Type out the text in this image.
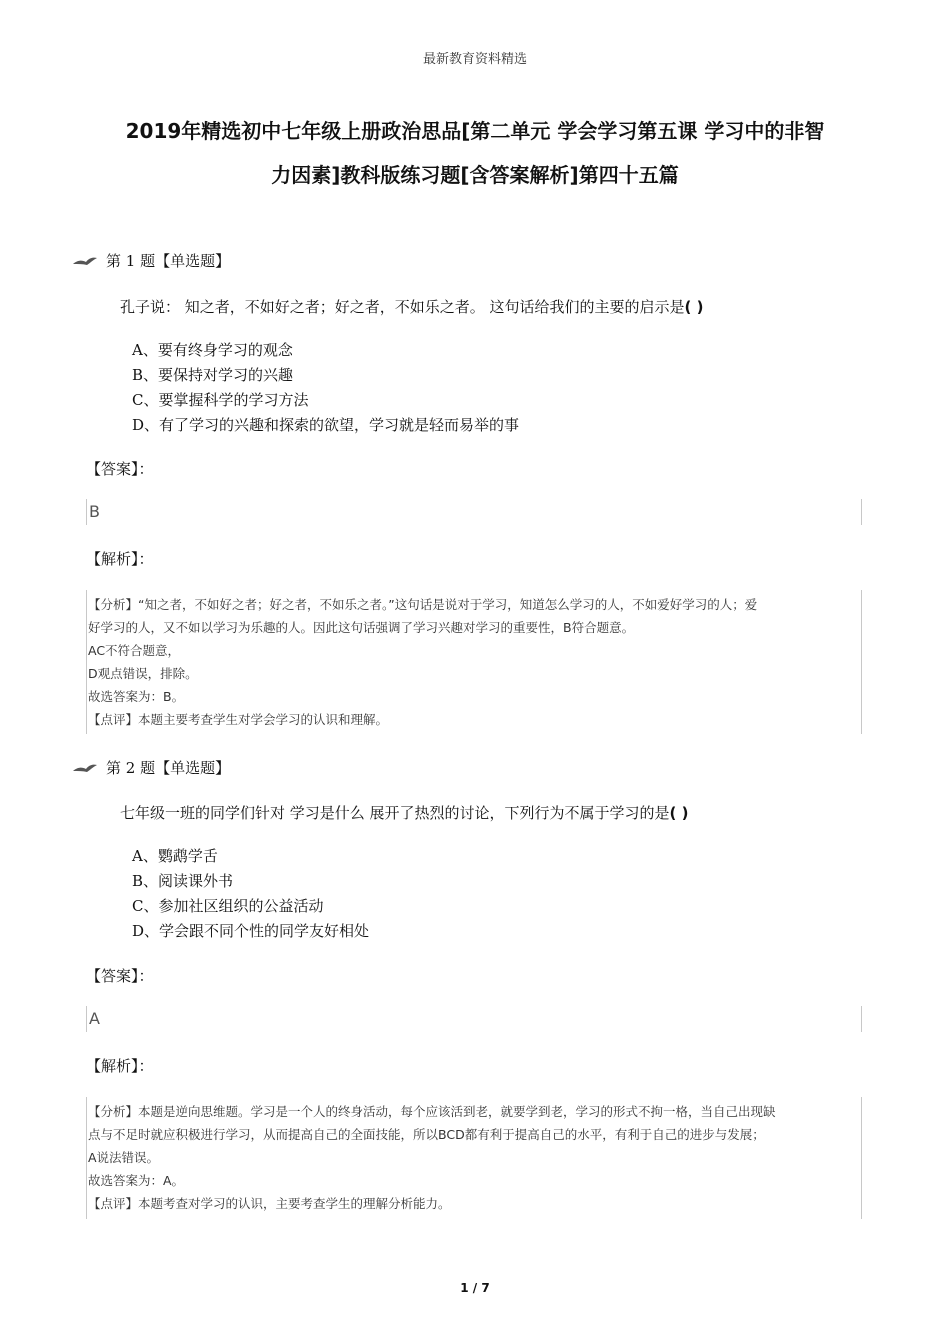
最新教育资料精选
2019年精选初中七年级上册政治思品[第二单元 学会学习第五课 学习中的非智
力因素]教科版练习题[含答案解析]第四十五篇
第 1 题【单选题】
孔子说： 知之者，不如好之者；好之者，不如乐之者。 这句话给我们的主要的启示是( )
A、要有终身学习的观念
B、要保持对学习的兴趣
C、要掌握科学的学习方法
D、有了学习的兴趣和探索的欲望，学习就是轻而易举的事
【答案】：
B
【解析】：
【分析】“知之者，不如好之者；好之者，不如乐之者。”这句话是说对于学习，知道怎么学习的人，不如爱好学习的人；爱
好学习的人，又不如以学习为乐趣的人。因此这句话强调了学习兴趣对学习的重要性，B符合题意。
AC不符合题意，
D观点错误，排除。
故选答案为：B。
【点评】本题主要考查学生对学会学习的认识和理解。
第 2 题【单选题】
七年级一班的同学们针对 学习是什么 展开了热烈的讨论，下列行为不属于学习的是( )
A、鹦鹉学舌
B、阅读课外书
C、参加社区组织的公益活动
D、学会跟不同个性的同学友好相处
【答案】：
A
【解析】：
【分析】本题是逆向思维题。学习是一个人的终身活动，每个应该活到老，就要学到老，学习的形式不拘一格，当自己出现缺
点与不足时就应积极进行学习，从而提高自己的全面技能，所以BCD都有利于提高自己的水平，有利于自己的进步与发展；
A说法错误。
故选答案为：A。
【点评】本题考查对学习的认识，主要考查学生的理解分析能力。
1 / 7
